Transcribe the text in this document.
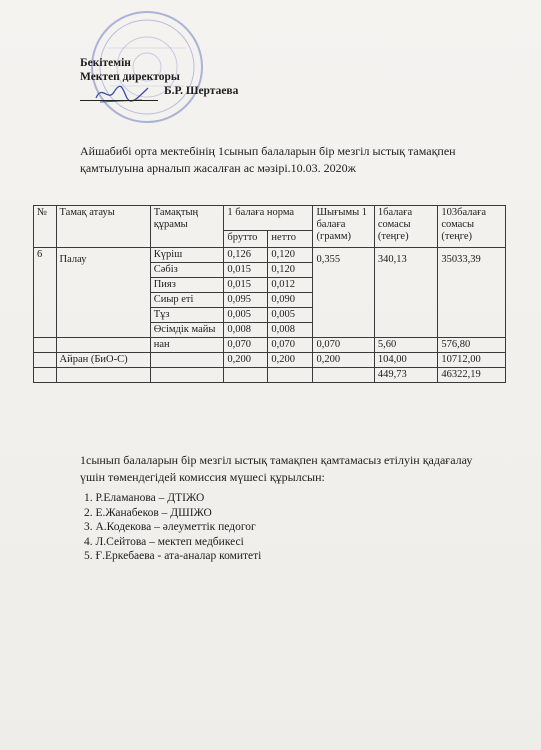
Бекітемін
Мектеп директоры
Б.Р. Шертаева
Айшабибі орта мектебінің 1сынып балаларын бір мезгіл ыстық тамақпен қамтылуына арналып жасалған ас мәзірі.10.03. 2020ж
№	Тамақ атауы	Тамақтың құрамы	1 балаға норма		Шығымы 1 балаға (грамм)	1балаға сомасы (теңге)	103балаға сомасы (теңге)
			брутто	нетто			
6	Палау	Күріш	0,126	0,120	0,355	340,13	35033,39
		Сәбіз	0,015	0,120			
		Пияз	0,015	0,012			
		Сиыр еті	0,095	0,090			
		Тұз	0,005	0,005			
		Өсімдік майы	0,008	0,008			
		нан	0,070	0,070	0,070	5,60	576,80
	Айран (БиО-С)		0,200	0,200	0,200	104,00	10712,00
						449,73	46322,19
1сынып балаларын бір мезгіл ыстық тамақпен қамтамасыз етілуін қадағалау үшін төмендегідей комиссия мүшесі құрылсын:
1. Р.Еламанова – ДТІЖО
2. Е.Жанабеков – ДШІЖО
3. А.Кодекова – әлеуметтік педогог
4. Л.Сейтова – мектеп медбикесі
5. Ғ.Еркебаева - ата-аналар комитеті
